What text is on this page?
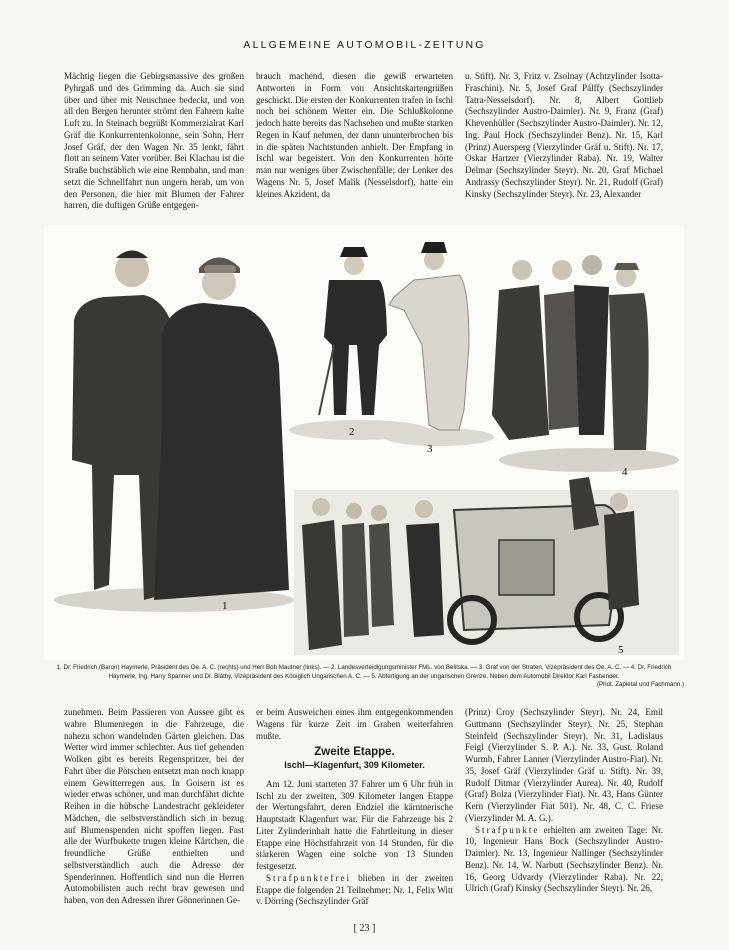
ALLGEMEINE AUTOMOBIL-ZEITUNG

Mächtig liegen die Gebirgsmassive des großen Pyhrgaß und des Grimming da. Auch sie sind über und über mit Neuschnee bedeckt, und von all den Bergen herunter strömt den Fahrern kalte Luft zu. In Steinach begrüßt Kommerzialrat Karl Gräf die Konkurrentenkolonne, sein Sohn, Herr Josef Gräf, der den Wagen Nr. 35 lenkt, fährt flott an seinem Vater vorüber. Bei Klachau ist die Straße buchstäblich wie eine Rennbahn, und man setzt die Schnellfahrt nun ungern herab, um von den Personen, die hier mit Blumen der Fahrer harren, die duftigen Grüße entgegen-

brauch machend, diesen die gewiß erwarteten Antworten in Form von Ansichtskartengrüßen geschickt. Die ersten der Konkurrenten trafen in Ischl noch bei schönem Wetter ein. Die Schlußkolonne jedoch hatte bereits das Nachsehen und mußte starken Regen in Kauf nehmen, der dann ununterbrochen bis in die späten Nachtstunden anhielt. Der Empfang in Ischl war begeistert. Von den Konkurrenten hörte man nur weniges über Zwischenfälle; der Lenker des Wagens Nr. 5, Josef Malik (Nesselsdorf), hatte ein kleines Akzident, da

u. Stift). Nr. 3, Fritz v. Zsolnay (Achtzylinder Isotta-Fraschini). Nr. 5, Josef Graf Pálffy (Sechszylinder Tatra-Nesselsdorf). Nr. 8, Albert Gottlieb (Sechszylinder Austro-Daimler). Nr. 9, Franz (Graf) Khevenhüller (Sechszylinder Austro-Daimler). Nr. 12, Ing. Paul Hock (Sechszylinder Benz). Nr. 15, Karl (Prinz) Auersperg (Vierzylinder Gräf u. Stift). Nr. 17, Oskar Hartzer (Vierzylinder Raba). Nr. 19, Walter Delmar (Sechszylinder Steyr). Nr. 20, Graf Michael Andrassy (Sechszylinder Steyr). Nr. 21, Rudolf (Graf) Kinsky (Sechszylinder Steyr). Nr. 23, Alexander

1
2
3
4
5
1. Dr. Friedrich (Baron) Haymerle, Präsident des Oe. A. C. (rechts) und Herr Bob Mautner (links). — 2. Landesverteidigungsminister FML. von Belitska. — 3. Graf von der Straten, Vizepräsident des Oe. A. C. — 4. Dr. Friedrich Haymerle, Ing. Harry Spanner und Dr. Bláthy, Vizepräsident des Königlich Ungarischen A. C. — 5. Abfertigung an der ungarischen Grenze. Neben dem Automobil Direktor Karl Fasbender.
(Phot. Zapletal und Fachmann.)

zunehmen. Beim Passieren von Aussee gibt es wahre Blumenregen in die Fahrzeuge, die nahezu schon wandelnden Gärten gleichen. Das Wetter wird immer schlechter. Aus tief gehenden Wolken gibt es bereits Regenspritzer, bei der Fahrt über die Pötschen entsetzt man noch knapp einem Gewitterregen aus. In Goisern ist es wieder etwas schöner, und man durchfährt dichte Reihen in die hübsche Landestracht gekleideter Mädchen, die selbstverständlich sich in bezug auf Blumenspenden nicht spoffen liegen. Fast alle der Wurfbukette trugen kleine Kärtchen, die freundliche Grüße enthielten und selbstverständlich auch die Adresse der Spenderinnen. Hoffentlich sind nun die Herren Automobilisten auch recht brav gewesen und haben, von den Adressen ihrer Gönnerinnen Ge-

er beim Ausweichen eines ihm entgegenkommenden Wagens für kurze Zeit im Graben weiterfahren mußte.

Zweite Etappe.
Ischl—Klagenfurt, 309 Kilometer.

Am 12. Juni starteten 37 Fahrer um 6 Uhr früh in Ischl zu der zweiten, 309 Kilometer langen Etappe der Wertungsfahrt, deren Endziel die kärntnerische Hauptstadt Klagenfurt war. Für die Fahrzeuge bis 2 Liter Zylinderinhalt hatte die Fahrtleitung in dieser Etappe eine Höchstfahrzeit von 14 Stunden, für die stärkeren Wagen eine solche von 13 Stunden festgesetzt.

Strafpunktefrei blieben in der zweiten Etappe die folgenden 21 Teilnehmer: Nr. 1, Felix Witt v. Dörring (Sechszylinder Gräf

(Prinz) Croy (Sechszylinder Steyr). Nr. 24, Emil Guttmann (Sechszylinder Steyr). Nr. 25, Stephan Steinfeld (Sechszylinder Steyr). Nr. 31, Ladislaus Feigl (Vierzylinder S. P. A.). Nr. 33, Gust. Roland Wurmb, Fahrer Lanner (Vierzylinder Austro-Fiat). Nr. 35, Josef Gräf (Vierzylinder Gräf u. Stift). Nr. 39, Rudolf Ditmar (Vierzylinder Aurea). Nr. 40, Rudolf (Graf) Bolza (Vierzylinder Fiat). Nr. 43, Hans Günter Kern (Vierzylinder Fiat 501). Nr. 48, C. C. Friese (Vierzylinder M. A. G.).

Strafpunkte erhielten am zweiten Tage: Nr. 10, Ingenieur Hans Bock (Sechszylinder Austro-Daimler). Nr. 13, Ingenieur Nallinger (Sechszylinder Benz). Nr. 14, W. Narbutt (Sechszylinder Benz). Nr. 16, Georg Udvardy (Vierzylinder Raba). Nr. 22, Ulrich (Graf) Kinsky (Sechszylinder Steyr). Nr. 26,

[ 23 ]
